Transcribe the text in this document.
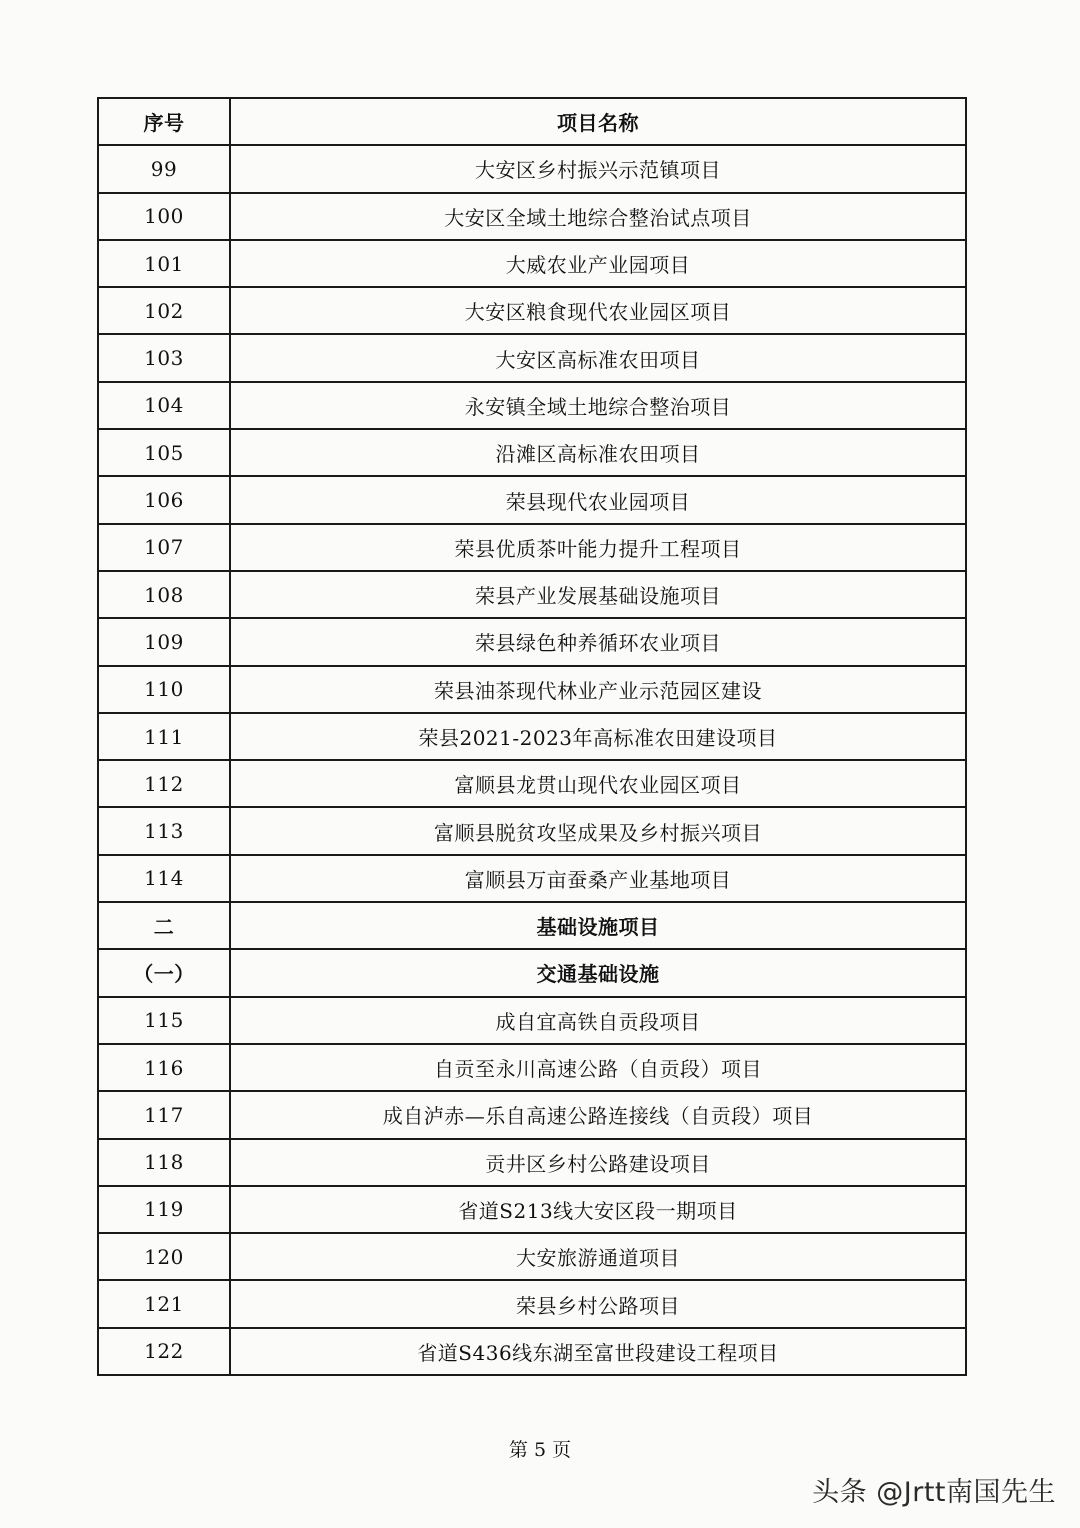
序号	项目名称
99	大安区乡村振兴示范镇项目
100	大安区全域土地综合整治试点项目
101	大威农业产业园项目
102	大安区粮食现代农业园区项目
103	大安区高标准农田项目
104	永安镇全域土地综合整治项目
105	沿滩区高标准农田项目
106	荣县现代农业园项目
107	荣县优质茶叶能力提升工程项目
108	荣县产业发展基础设施项目
109	荣县绿色种养循环农业项目
110	荣县油茶现代林业产业示范园区建设
111	荣县2021-2023年高标准农田建设项目
112	富顺县龙贯山现代农业园区项目
113	富顺县脱贫攻坚成果及乡村振兴项目
114	富顺县万亩蚕桑产业基地项目
二	基础设施项目
（一）	交通基础设施
115	成自宜高铁自贡段项目
116	自贡至永川高速公路（自贡段）项目
117	成自泸赤—乐自高速公路连接线（自贡段）项目
118	贡井区乡村公路建设项目
119	省道S213线大安区段一期项目
120	大安旅游通道项目
121	荣县乡村公路项目
122	省道S436线东湖至富世段建设工程项目
第 5 页
头条 @Jrtt南国先生
